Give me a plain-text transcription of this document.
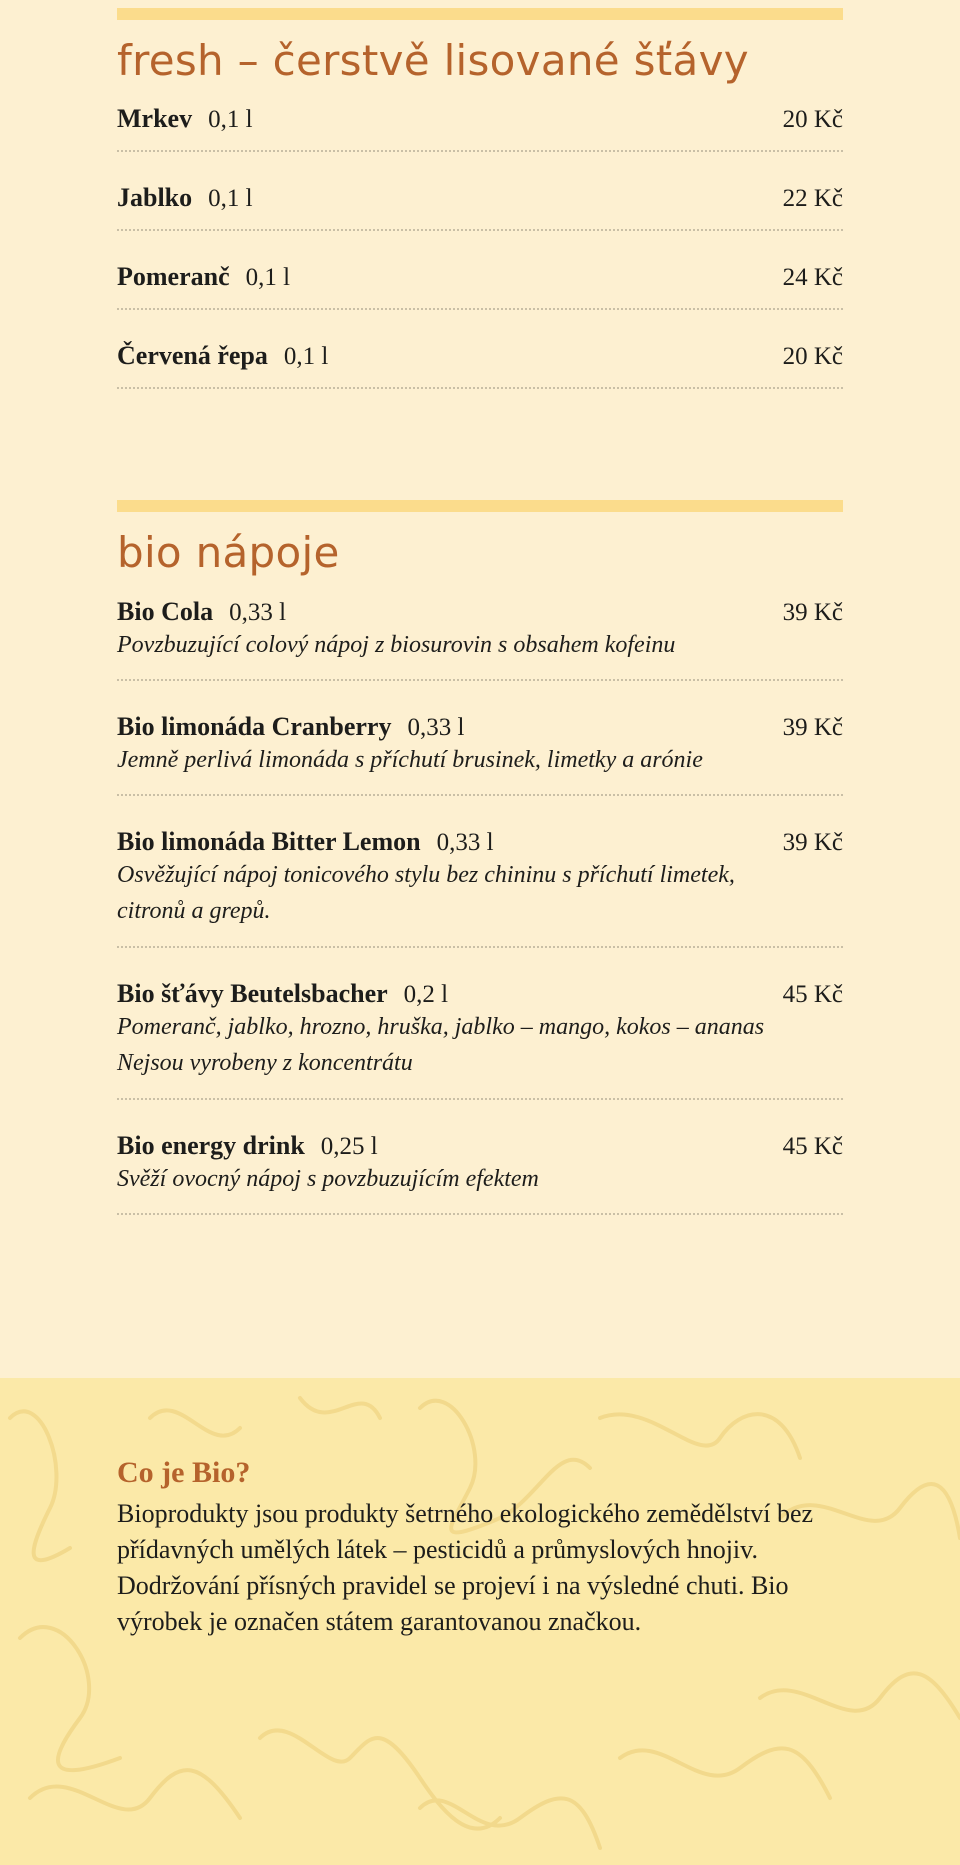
fresh – čerstvě lisované šťávy
Mrkev 0,1 l	20 Kč
Jablko 0,1 l	22 Kč
Pomeranč 0,1 l	24 Kč
Červená řepa 0,1 l	20 Kč
bio nápoje
Bio Cola 0,33 l	39 Kč
Povzbuzující colový nápoj z biosurovin s obsahem kofeinu
Bio limonáda Cranberry 0,33 l	39 Kč
Jemně perlivá limonáda s příchutí brusinek, limetky a arónie
Bio limonáda Bitter Lemon 0,33 l	39 Kč
Osvěžující nápoj tonicového stylu bez chininu s příchutí limetek, citronů a grepů.
Bio šťávy Beutelsbacher 0,2 l	45 Kč
Pomeranč, jablko, hrozno, hruška, jablko – mango, kokos – ananas
Nejsou vyrobeny z koncentrátu
Bio energy drink 0,25 l	45 Kč
Svěží ovocný nápoj s povzbuzujícím efektem
Co je Bio?

Bioprodukty jsou produkty šetrného ekologického zemědělství bez přídavných umělých látek – pesticidů a průmyslových hnojiv. Dodržování přísných pravidel se projeví i na výsledné chuti. Bio výrobek je označen státem garantovanou značkou.
